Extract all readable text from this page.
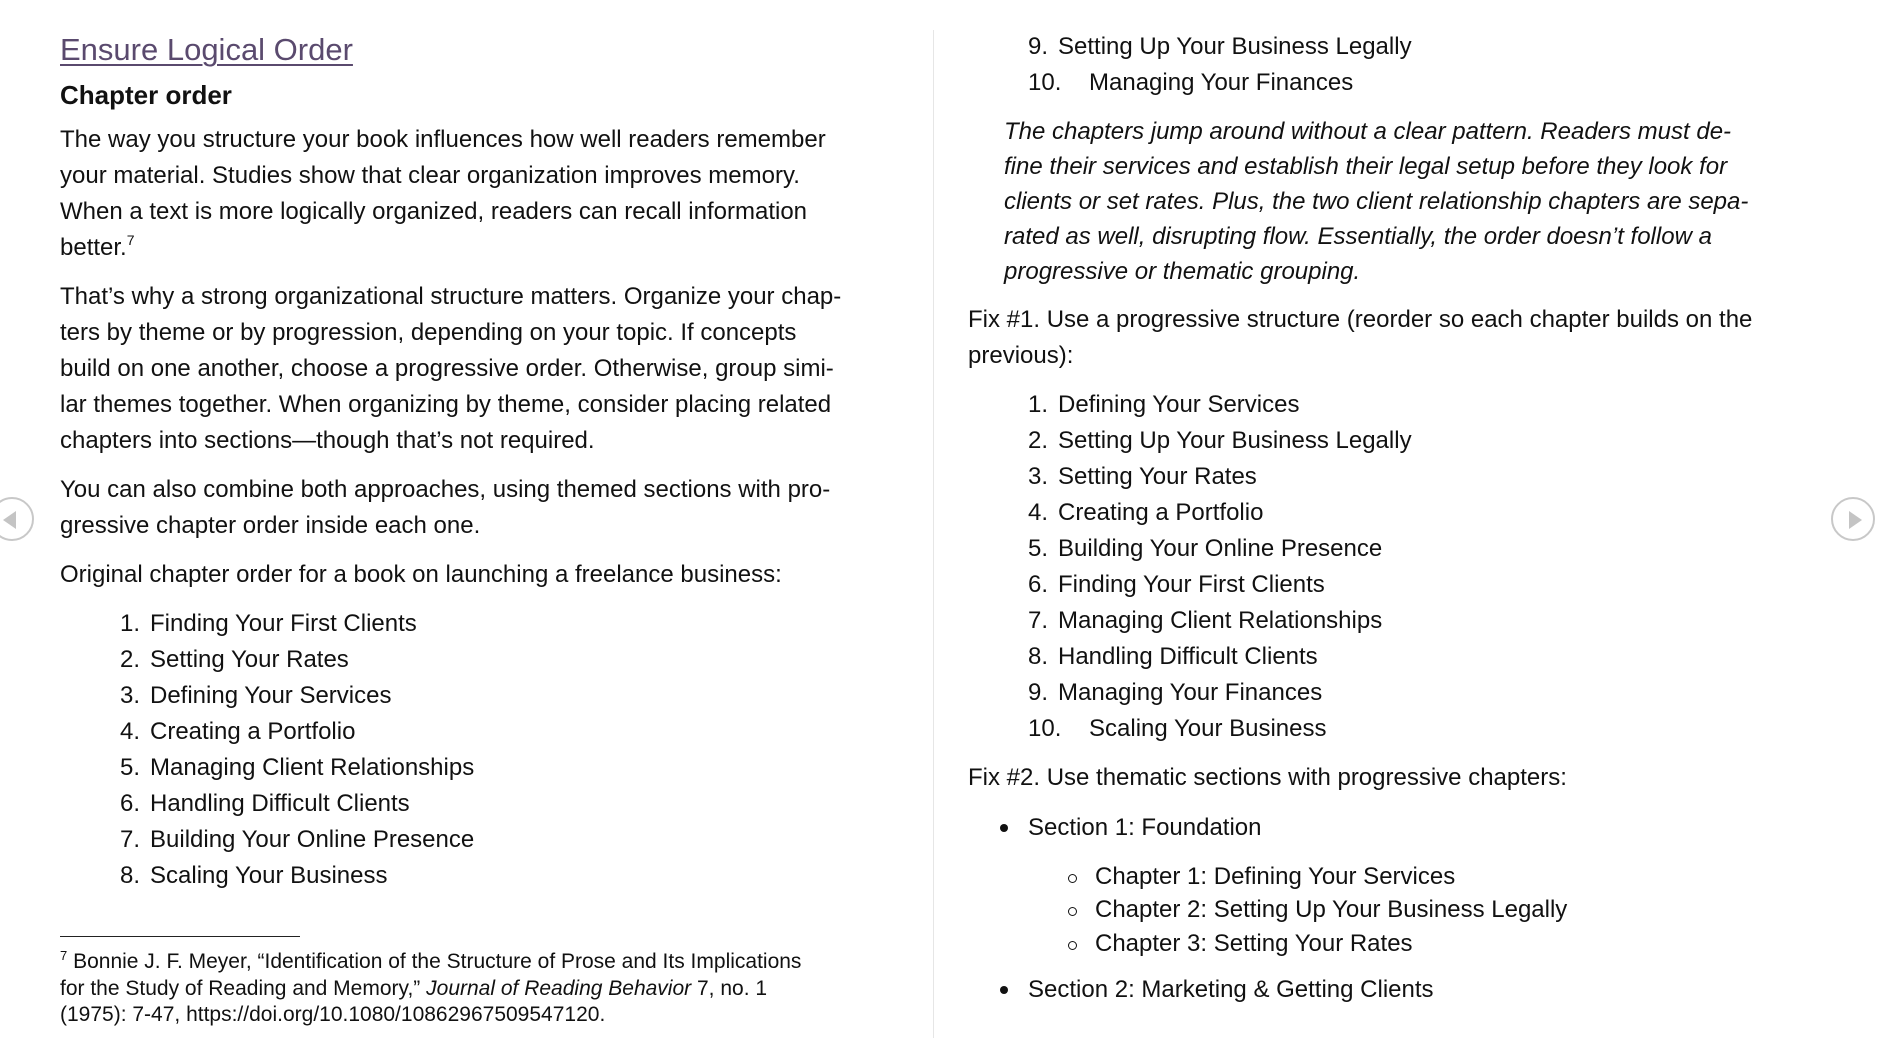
Ensure Logical Order
Chapter order
The way you structure your book influences how well readers remember
your material. Studies show that clear organization improves memory.
When a text is more logically organized, readers can recall information
better.$^7$
That’s why a strong organizational structure matters. Organize your chap-
ters by theme or by progression, depending on your topic. If concepts
build on one another, choose a progressive order. Otherwise, group simi-
lar themes together. When organizing by theme, consider placing related
chapters into sections—though that’s not required.
You can also combine both approaches, using themed sections with pro-
gressive chapter order inside each one.
Original chapter order for a book on launching a freelance business:
1. Finding Your First Clients
2. Setting Your Rates
3. Defining Your Services
4. Creating a Portfolio
5. Managing Client Relationships
6. Handling Difficult Clients
7. Building Your Online Presence
8. Scaling Your Business
$^7$ Bonnie J. F. Meyer, “Identification of the Structure of Prose and Its Implications
for the Study of Reading and Memory,” Journal of Reading Behavior 7, no. 1
(1975): 7-47, https://doi.org/10.1080/10862967509547120.
9. Setting Up Your Business Legally
10. Managing Your Finances
The chapters jump around without a clear pattern. Readers must de-
fine their services and establish their legal setup before they look for
clients or set rates. Plus, the two client relationship chapters are sepa-
rated as well, disrupting flow. Essentially, the order doesn’t follow a
progressive or thematic grouping.
Fix #1. Use a progressive structure (reorder so each chapter builds on the
previous):
1. Defining Your Services
2. Setting Up Your Business Legally
3. Setting Your Rates
4. Creating a Portfolio
5. Building Your Online Presence
6. Finding Your First Clients
7. Managing Client Relationships
8. Handling Difficult Clients
9. Managing Your Finances
10. Scaling Your Business
Fix #2. Use thematic sections with progressive chapters:
Section 1: Foundation
Chapter 1: Defining Your Services
Chapter 2: Setting Up Your Business Legally
Chapter 3: Setting Your Rates
Section 2: Marketing & Getting Clients
